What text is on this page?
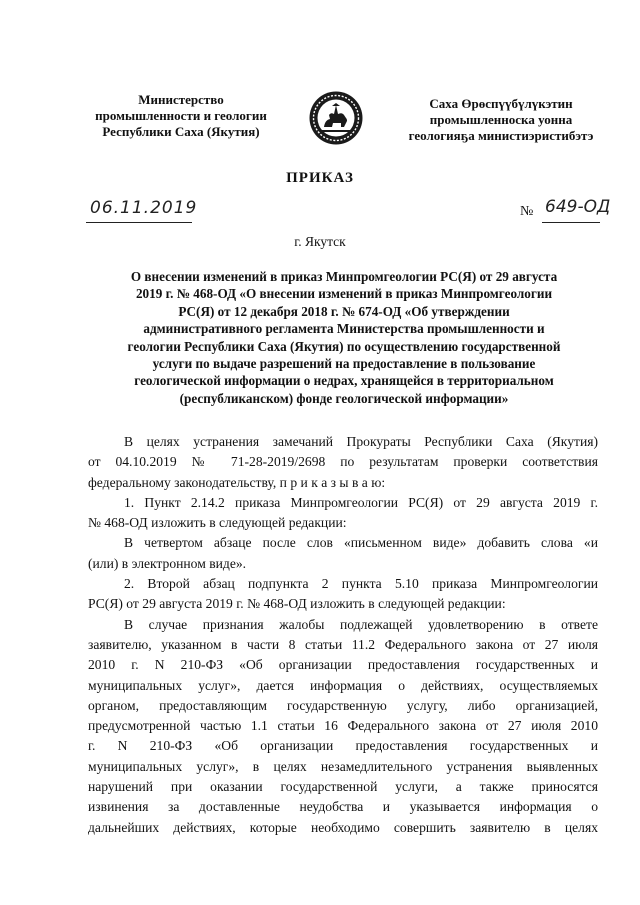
Министерство
промышленности и геологии
Республики Саха (Якутия)
Саха Өрөспүүбүлүкэтин
промышленноска уонна
геологияҕа министиэристибэтэ
ПРИКАЗ
06.11.2019	№ 649-ОД
г. Якутск
О внесении изменений в приказ Минпромгеологии РС(Я) от 29 августа
2019 г. № 468-ОД «О внесении изменений в приказ Минпромгеологии
РС(Я) от 12 декабря 2018 г. № 674-ОД «Об утверждении
административного регламента Министерства промышленности и
геологии Республики Саха (Якутия) по осуществлению государственной
услуги по выдаче разрешений на предоставление в пользование
геологической информации о недрах, хранящейся в территориальном
(республиканском) фонде геологической информации»
В целях устранения замечаний Прокураты Республики Саха (Якутия)
от 04.10.2019 № 71-28-2019/2698 по результатам проверки соответствия
федеральному законодательству, п р и к а з ы в а ю:
1. Пункт 2.14.2 приказа Минпромгеологии РС(Я) от 29 августа 2019 г.
№ 468-ОД изложить в следующей редакции:
В четвертом абзаце после слов «письменном виде» добавить слова «и
(или) в электронном виде».
2. Второй абзац подпункта 2 пункта 5.10 приказа Минпромгеологии
РС(Я) от 29 августа 2019 г. № 468-ОД изложить в следующей редакции:
В случае признания жалобы подлежащей удовлетворению в ответе
заявителю, указанном в части 8 статьи 11.2 Федерального закона от 27 июля
2010 г. N 210-ФЗ «Об организации предоставления государственных и
муниципальных услуг», дается информация о действиях, осуществляемых
органом, предоставляющим государственную услугу, либо организацией,
предусмотренной частью 1.1 статьи 16 Федерального закона от 27 июля 2010
г. N 210-ФЗ «Об организации предоставления государственных и
муниципальных услуг», в целях незамедлительного устранения выявленных
нарушений при оказании государственной услуги, а также приносятся
извинения за доставленные неудобства и указывается информация о
дальнейших действиях, которые необходимо совершить заявителю в целях
